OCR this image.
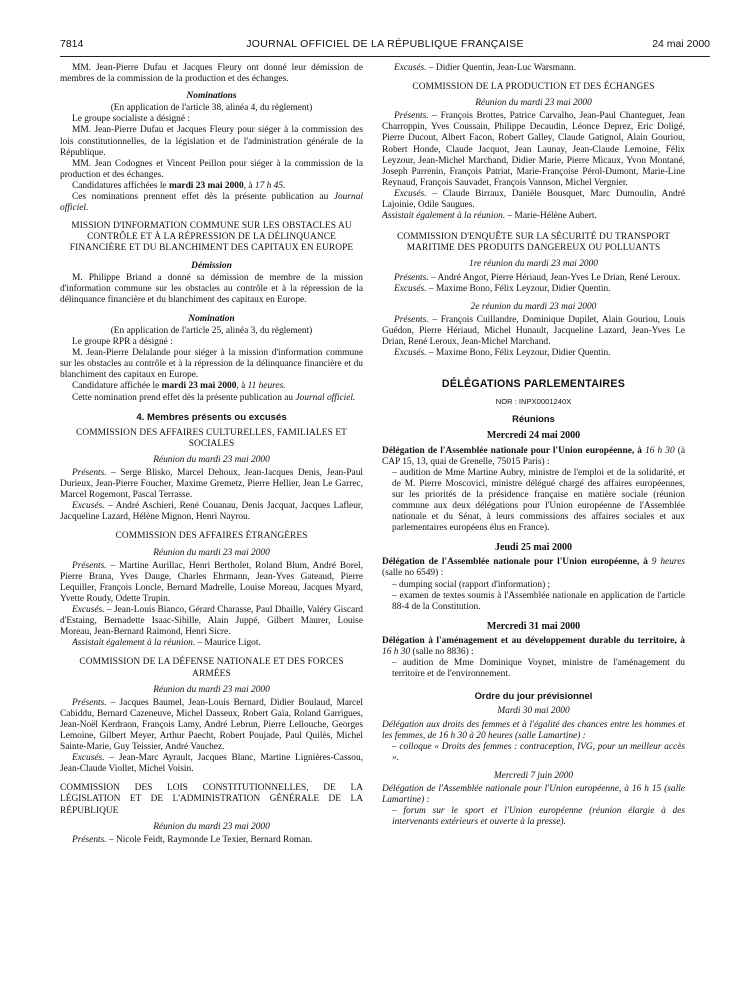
7814	JOURNAL OFFICIEL DE LA RÉPUBLIQUE FRANÇAISE	24 mai 2000

MM. Jean-Pierre Dufau et Jacques Fleury ont donné leur démission de membres de la commission de la production et des échanges.

Nominations

(En application de l'article 38, alinéa 4, du règlement)

Le groupe socialiste a désigné :

MM. Jean-Pierre Dufau et Jacques Fleury pour siéger à la commission des lois constitutionnelles, de la législation et de l'administration générale de la République.

MM. Jean Codognes et Vincent Peillon pour siéger à la commission de la production et des échanges.

Candidatures affichées le mardi 23 mai 2000, à 17 h 45.

Ces nominations prennent effet dès la présente publication au Journal officiel.

MISSION D'INFORMATION COMMUNE SUR LES OBSTACLES AU CONTRÔLE ET À LA RÉPRESSION DE LA DÉLINQUANCE FINANCIÈRE ET DU BLANCHIMENT DES CAPITAUX EN EUROPE
Démission

M. Philippe Briand a donné sa démission de membre de la mission d'information commune sur les obstacles au contrôle et à la répression de la délinquance financière et du blanchiment des capitaux en Europe.

Nomination

(En application de l'article 25, alinéa 3, du règlement)

Le groupe RPR a désigné :

M. Jean-Pierre Delalande pour siéger à la mission d'information commune sur les obstacles au contrôle et à la répression de la délinquance financière et du blanchiment des capitaux en Europe.

Candidature affichée le mardi 23 mai 2000, à 11 heures.

Cette nomination prend effet dès la présente publication au Journal officiel.

4. Membres présents ou excusés
COMMISSION DES AFFAIRES CULTURELLES, FAMILIALES ET SOCIALES
Réunion du mardi 23 mai 2000

Présents. – Serge Blisko, Marcel Dehoux, Jean-Jacques Denis, Jean-Paul Durieux, Jean-Pierre Foucher, Maxime Gremetz, Pierre Hellier, Jean Le Garrec, Marcel Rogemont, Pascal Terrasse.

Excusés. – André Aschieri, René Couanau, Denis Jacquat, Jacques Lafleur, Jacqueline Lazard, Hélène Mignon, Henri Nayrou.

COMMISSION DES AFFAIRES ÉTRANGÈRES
Réunion du mardi 23 mai 2000

Présents. – Martine Aurillac, Henri Bertholet, Roland Blum, André Borel, Pierre Brana, Yves Dauge, Charles Ehrmann, Jean-Yves Gateaud, Pierre Lequiller, François Loncle, Bernard Madrelle, Louise Moreau, Jacques Myard, Yvette Roudy, Odette Trupin.

Excusés. – Jean-Louis Bianco, Gérard Charasse, Paul Dhaille, Valéry Giscard d'Estaing, Bernadette Isaac-Sibille, Alain Juppé, Gilbert Maurer, Louise Moreau, Jean-Bernard Raimond, Henri Sicre.

Assistait également à la réunion. – Maurice Ligot.

COMMISSION DE LA DÉFENSE NATIONALE ET DES FORCES ARMÉES
Réunion du mardi 23 mai 2000

Présents. – Jacques Baumel, Jean-Louis Bernard, Didier Boulaud, Marcel Cabiddu, Bernard Cazeneuve, Michel Dasseux, Robert Gaïa, Roland Garrigues, Jean-Noël Kerdraon, François Lamy, André Lebrun, Pierre Lellouche, Georges Lemoine, Gilbert Meyer, Arthur Paecht, Robert Poujade, Paul Quilès, Michel Sainte-Marie, Guy Teissier, André Vauchez.

Excusés. – Jean-Marc Ayrault, Jacques Blanc, Martine Lignières-Cassou, Jean-Claude Viollet, Michel Voisin.

COMMISSION DES LOIS CONSTITUTIONNELLES, DE LA LÉGISLATION ET DE L'ADMINISTRATION GÉNÉRALE DE LA RÉPUBLIQUE
Réunion du mardi 23 mai 2000

Présents. – Nicole Feidt, Raymonde Le Texier, Bernard Roman.

Excusés. – Didier Quentin, Jean-Luc Warsmann.

COMMISSION DE LA PRODUCTION ET DES ÉCHANGES
Réunion du mardi 23 mai 2000

Présents. – François Brottes, Patrice Carvalho, Jean-Paul Chanteguet, Jean Charroppin, Yves Coussain, Philippe Decaudin, Léonce Deprez, Eric Doligé, Pierre Ducout, Albert Facon, Robert Galley, Claude Gatignol, Alain Gouriou, Robert Honde, Claude Jacquot, Jean Launay, Jean-Claude Lemoine, Félix Leyzour, Jean-Michel Marchand, Didier Marie, Pierre Micaux, Yvon Montané, Joseph Parrenin, François Patriat, Marie-Françoise Pérol-Dumont, Marie-Line Reynaud, François Sauvadet, François Vannson, Michel Vergnier.

Excusés. – Claude Birraux, Danièle Bousquet, Marc Dumoulin, André Lajoinie, Odile Saugues.

Assistait également à la réunion. – Marie-Hélène Aubert.

COMMISSION D'ENQUÊTE SUR LA SÉCURITÉ DU TRANSPORT MARITIME DES PRODUITS DANGEREUX OU POLLUANTS
1re réunion du mardi 23 mai 2000

Présents. – André Angot, Pierre Hériaud, Jean-Yves Le Drian, René Leroux.

Excusés. – Maxime Bono, Félix Leyzour, Didier Quentin.

2e réunion du mardi 23 mai 2000

Présents. – François Cuillandre, Dominique Dupilet, Alain Gouriou, Louis Guédon, Pierre Hériaud, Michel Hunault, Jacqueline Lazard, Jean-Yves Le Drian, René Leroux, Jean-Michel Marchand.

Excusés. – Maxime Bono, Félix Leyzour, Didier Quentin.

DÉLÉGATIONS PARLEMENTAIRES
NOR : INPX0001240X
Réunions
Mercredi 24 mai 2000

Délégation de l'Assemblée nationale pour l'Union européenne, à 16 h 30 (à CAP 15, 13, quai de Grenelle, 75015 Paris) :

– audition de Mme Martine Aubry, ministre de l'emploi et de la solidarité, et de M. Pierre Moscovici, ministre délégué chargé des affaires européennes, sur les priorités de la présidence française en matière sociale (réunion commune aux deux délégations pour l'Union européenne de l'Assemblée nationale et du Sénat, à leurs commissions des affaires sociales et aux parlementaires européens élus en France).

Jeudi 25 mai 2000

Délégation de l'Assemblée nationale pour l'Union européenne, à 9 heures (salle no 6549) :

– dumping social (rapport d'information) ;

– examen de textes soumis à l'Assemblée nationale en application de l'article 88-4 de la Constitution.

Mercredi 31 mai 2000

Délégation à l'aménagement et au développement durable du territoire, à 16 h 30 (salle no 8836) :

– audition de Mme Dominique Voynet, ministre de l'aménagement du territoire et de l'environnement.

Ordre du jour prévisionnel
Mardi 30 mai 2000

Délégation aux droits des femmes et à l'égalité des chances entre les hommes et les femmes, de 16 h 30 à 20 heures (salle Lamartine) :

– colloque « Droits des femmes : contraception, IVG, pour un meilleur accès ».

Mercredi 7 juin 2000

Délégation de l'Assemblée nationale pour l'Union européenne, à 16 h 15 (salle Lamartine) :

– forum sur le sport et l'Union européenne (réunion élargie à des intervenants extérieurs et ouverte à la presse).
